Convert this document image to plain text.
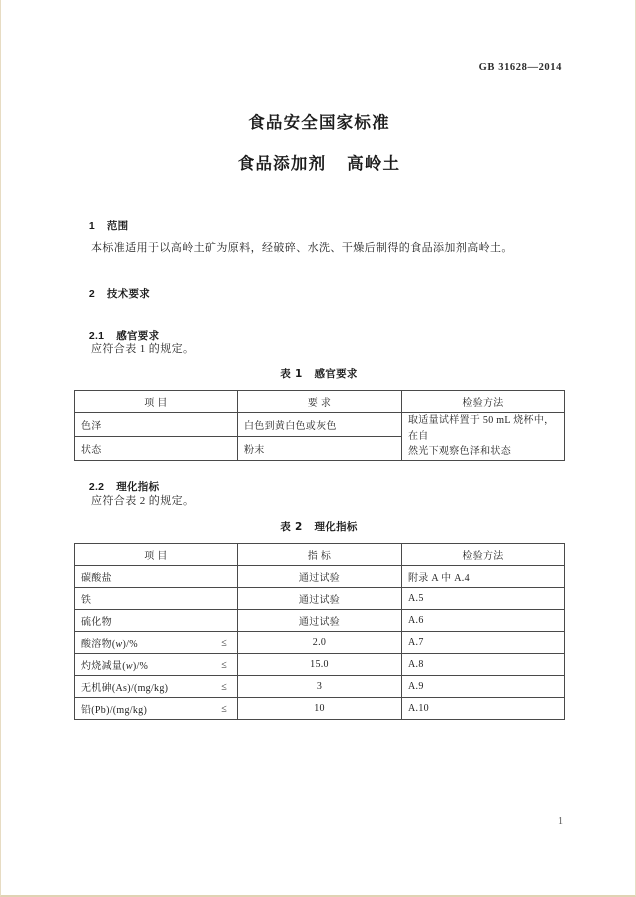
GB 31628—2014
食品安全国家标准
食品添加剂   高岭土

1 范围

本标准适用于以高岭土矿为原料，经破碎、水洗、干燥后制得的食品添加剂高岭土。

2 技术要求

2.1 感官要求

应符合表 1 的规定。
表 1   感官要求
项 目	要 求	检验方法
色泽	白色到黄白色或灰色	取适量试样置于 50 mL 烧杯中，在自
然光下观察色泽和状态

状态	粉末	

2.2 理化指标

应符合表 2 的规定。
表 2   理化指标
项 目	指 标	检验方法
碳酸盐	通过试验	附录 A 中 A.4
铁	通过试验	A.5
硫化物	通过试验	A.6
酸溶物(w)/% ≤	2.0	A.7
灼烧减量(w)/% ≤	15.0	A.8
无机砷(As)/(mg/kg) ≤	3	A.9
铅(Pb)/(mg/kg) ≤	10	A.10
1
